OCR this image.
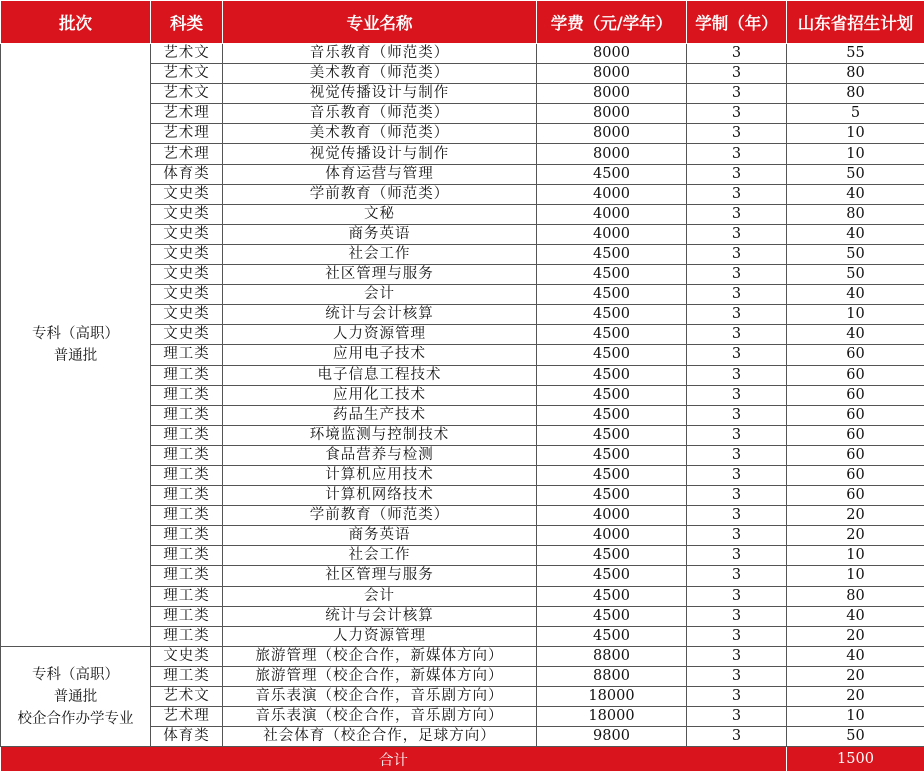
批次	科类	专业名称	学费（元/学年）	学制（年）	山东省招生计划

专科（高职）
普通批	艺术文	音乐教育（师范类）	8000	3	55
	艺术文	美术教育（师范类）	8000	3	80
	艺术文	视觉传播设计与制作	8000	3	80
	艺术理	音乐教育（师范类）	8000	3	5
	艺术理	美术教育（师范类）	8000	3	10
	艺术理	视觉传播设计与制作	8000	3	10
	体育类	体育运营与管理	4500	3	50
	文史类	学前教育（师范类）	4000	3	40
	文史类	文秘	4000	3	80
	文史类	商务英语	4000	3	40
	文史类	社会工作	4500	3	50
	文史类	社区管理与服务	4500	3	50
	文史类	会计	4500	3	40
	文史类	统计与会计核算	4500	3	10
	文史类	人力资源管理	4500	3	40
	理工类	应用电子技术	4500	3	60
	理工类	电子信息工程技术	4500	3	60
	理工类	应用化工技术	4500	3	60
	理工类	药品生产技术	4500	3	60
	理工类	环境监测与控制技术	4500	3	60
	理工类	食品营养与检测	4500	3	60
	理工类	计算机应用技术	4500	3	60
	理工类	计算机网络技术	4500	3	60
	理工类	学前教育（师范类）	4000	3	20
	理工类	商务英语	4000	3	20
	理工类	社会工作	4500	3	10
	理工类	社区管理与服务	4500	3	10
	理工类	会计	4500	3	80
	理工类	统计与会计核算	4500	3	40
	理工类	人力资源管理	4500	3	20

专科（高职）
普通批
校企合作办学专业	文史类	旅游管理（校企合作，新媒体方向）	8800	3	40
	理工类	旅游管理（校企合作，新媒体方向）	8800	3	20
	艺术文	音乐表演（校企合作，音乐剧方向）	18000	3	20
	艺术理	音乐表演（校企合作，音乐剧方向）	18000	3	10
	体育类	社会体育（校企合作，足球方向）	9800	3	50
合计					1500
